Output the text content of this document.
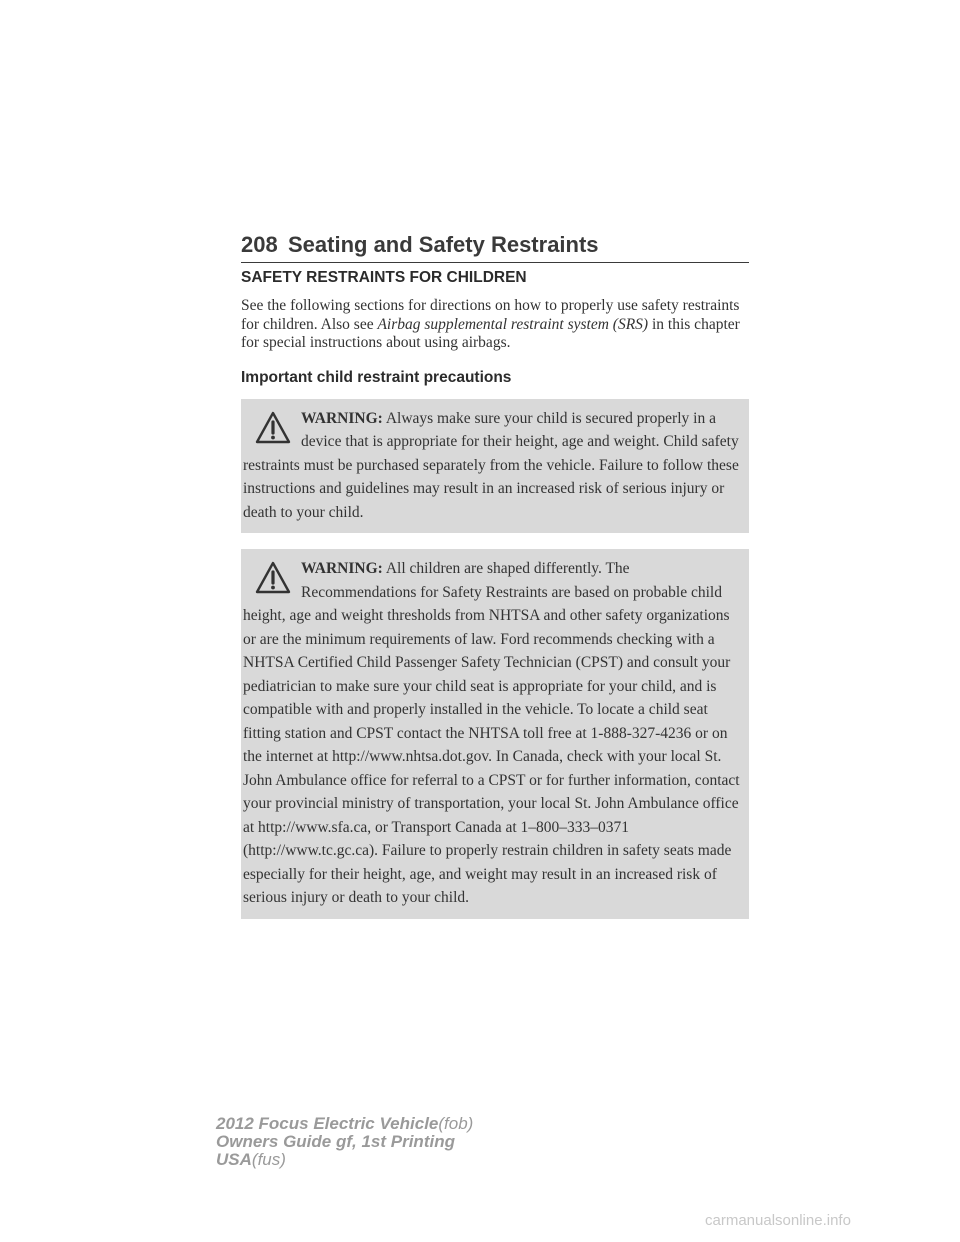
208 Seating and Safety Restraints
SAFETY RESTRAINTS FOR CHILDREN

See the following sections for directions on how to properly use safety restraints for children. Also see Airbag supplemental restraint system (SRS) in this chapter for special instructions about using airbags.

Important child restraint precautions
WARNING: Always make sure your child is secured properly in a device that is appropriate for their height, age and weight. Child safety restraints must be purchased separately from the vehicle. Failure to follow these instructions and guidelines may result in an increased risk of serious injury or death to your child.
WARNING: All children are shaped differently. The Recommendations for Safety Restraints are based on probable child height, age and weight thresholds from NHTSA and other safety organizations or are the minimum requirements of law. Ford recommends checking with a NHTSA Certified Child Passenger Safety Technician (CPST) and consult your pediatrician to make sure your child seat is appropriate for your child, and is compatible with and properly installed in the vehicle. To locate a child seat fitting station and CPST contact the NHTSA toll free at 1-888-327-4236 or on the internet at http://www.nhtsa.dot.gov. In Canada, check with your local St. John Ambulance office for referral to a CPST or for further information, contact your provincial ministry of transportation, your local St. John Ambulance office at http://www.sfa.ca, or Transport Canada at 1–800–333–0371 (http://www.tc.gc.ca). Failure to properly restrain children in safety seats made especially for their height, age, and weight may result in an increased risk of serious injury or death to your child.
2012 Focus Electric Vehicle(fob)
Owners Guide gf, 1st Printing
USA(fus)
carmanualsonline.info
